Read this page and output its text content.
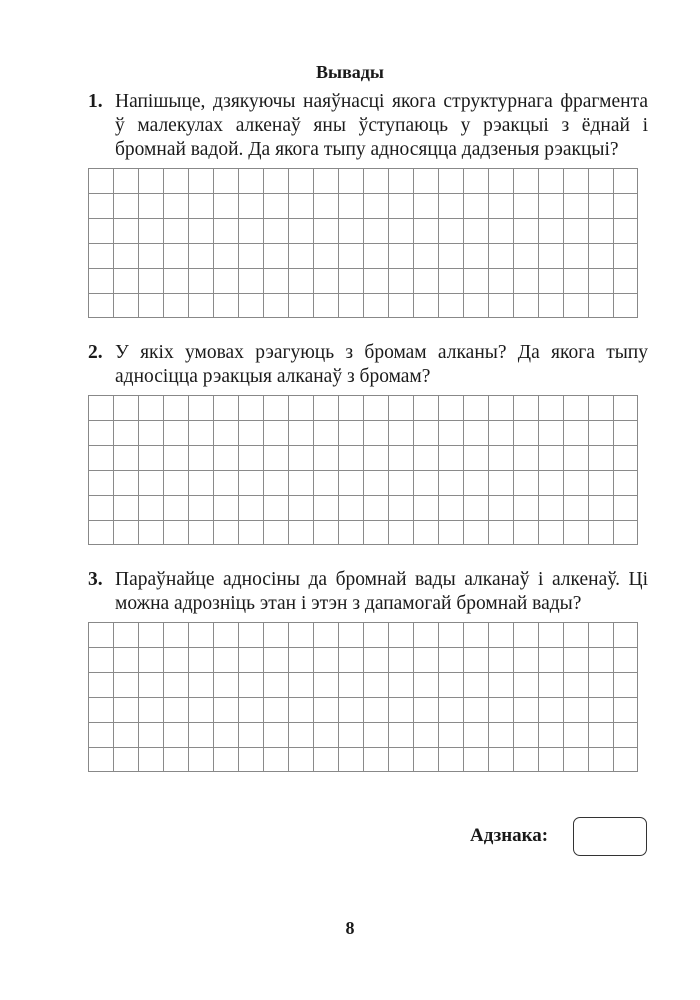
Вывады
1. Напішыце, дзякуючы наяўнасці якога структурнага фрагмента ў малекулах алкенаў яны ўступаюць у рэакцыі з ёднай і бромнай вадой. Да якога тыпу адносяцца дадзеныя рэакцыі?
2. У якіх умовах рэагуюць з бромам алканы? Да якога тыпу адносіцца рэакцыя алканаў з бромам?
3. Параўнайце адносіны да бромнай вады алканаў і алкенаў. Ці можна адрозніць этан і этэн з дапамогай бромнай вады?
Адзнака:
8
